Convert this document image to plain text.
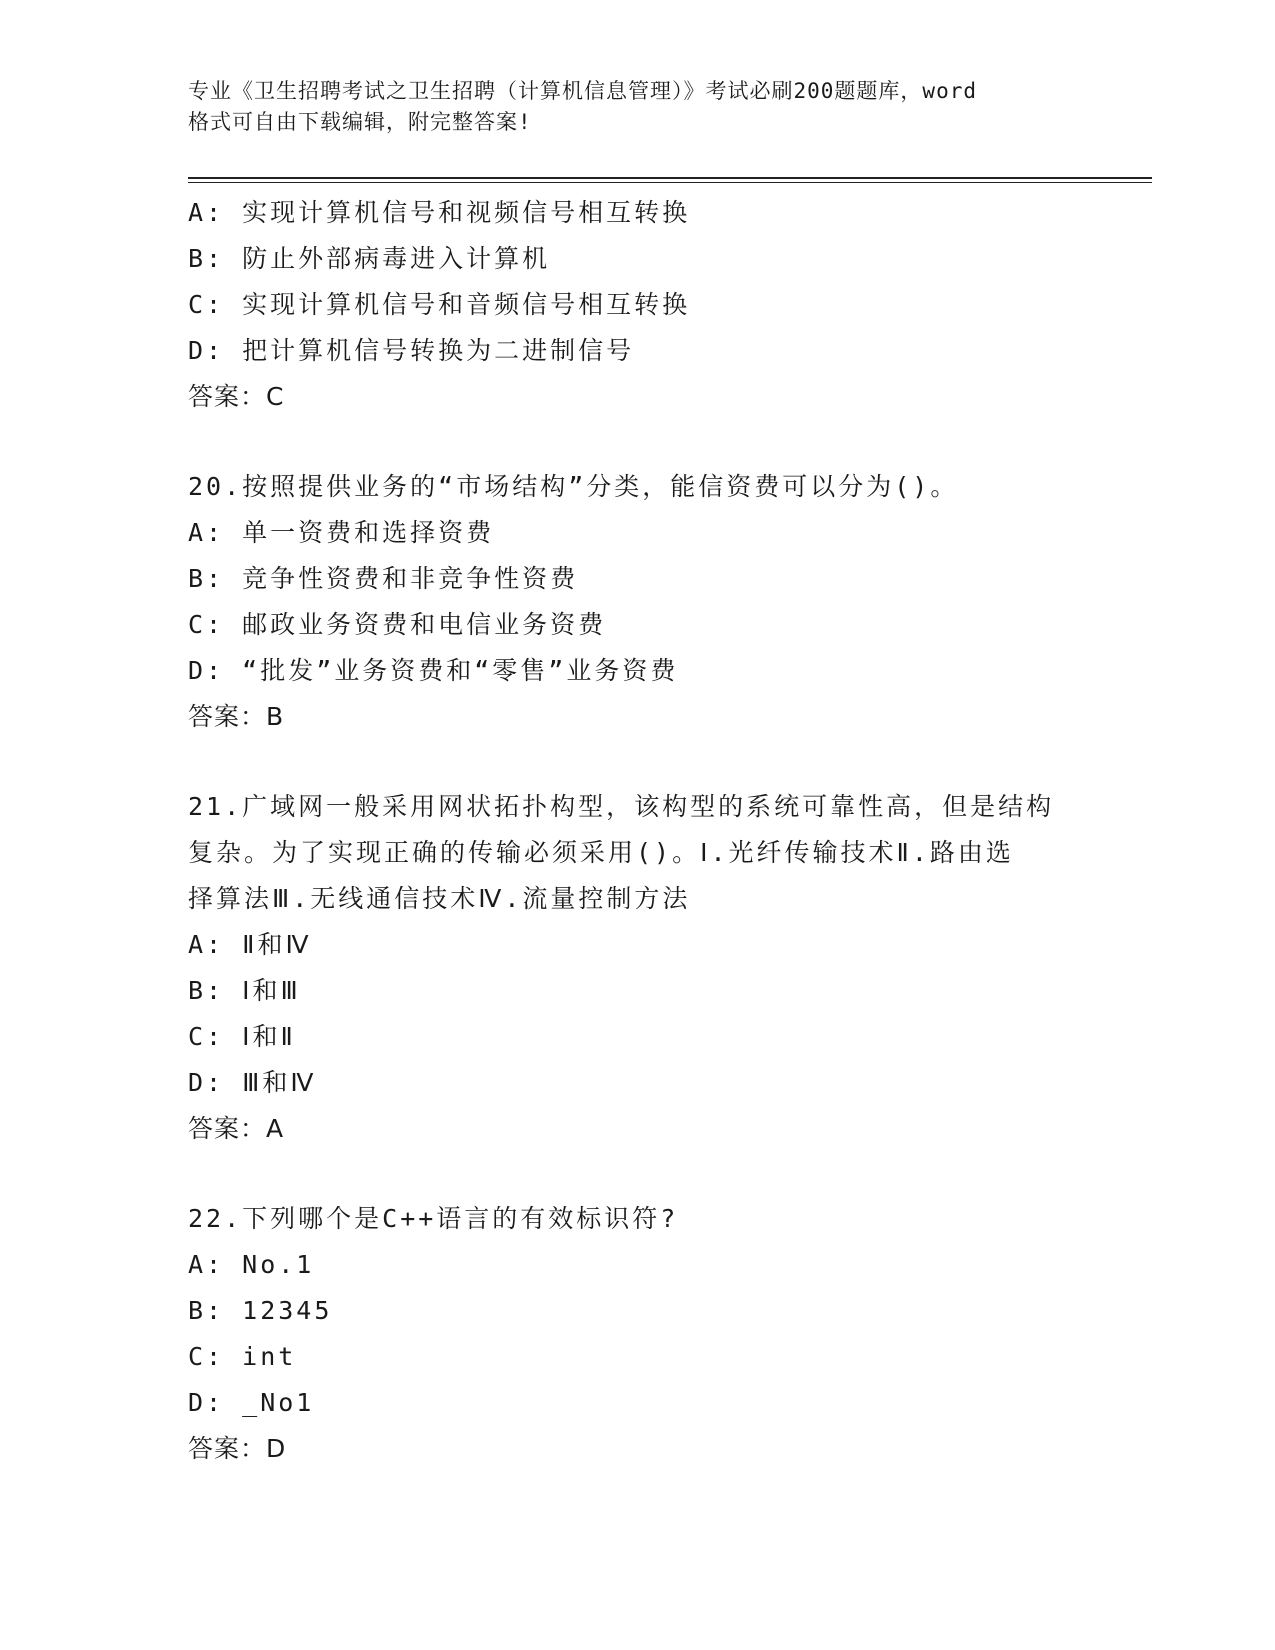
专业《卫生招聘考试之卫生招聘（计算机信息管理）》考试必刷200题题库，word
格式可自由下载编辑，附完整答案!
A: 实现计算机信号和视频信号相互转换
B: 防止外部病毒进入计算机
C: 实现计算机信号和音频信号相互转换
D: 把计算机信号转换为二进制信号
答案：C
20.按照提供业务的“市场结构”分类，能信资费可以分为()。
A: 单一资费和选择资费
B: 竞争性资费和非竞争性资费
C: 邮政业务资费和电信业务资费
D: “批发”业务资费和“零售”业务资费
答案：B
21.广域网一般采用网状拓扑构型，该构型的系统可靠性高，但是结构
复杂。为了实现正确的传输必须采用()。Ⅰ.光纤传输技术Ⅱ.路由选
择算法Ⅲ.无线通信技术Ⅳ.流量控制方法
A: Ⅱ和Ⅳ
B: Ⅰ和Ⅲ
C: Ⅰ和Ⅱ
D: Ⅲ和Ⅳ
答案：A
22.下列哪个是C++语言的有效标识符?
A: No.1
B: 12345
C: int
D: _No1
答案：D
